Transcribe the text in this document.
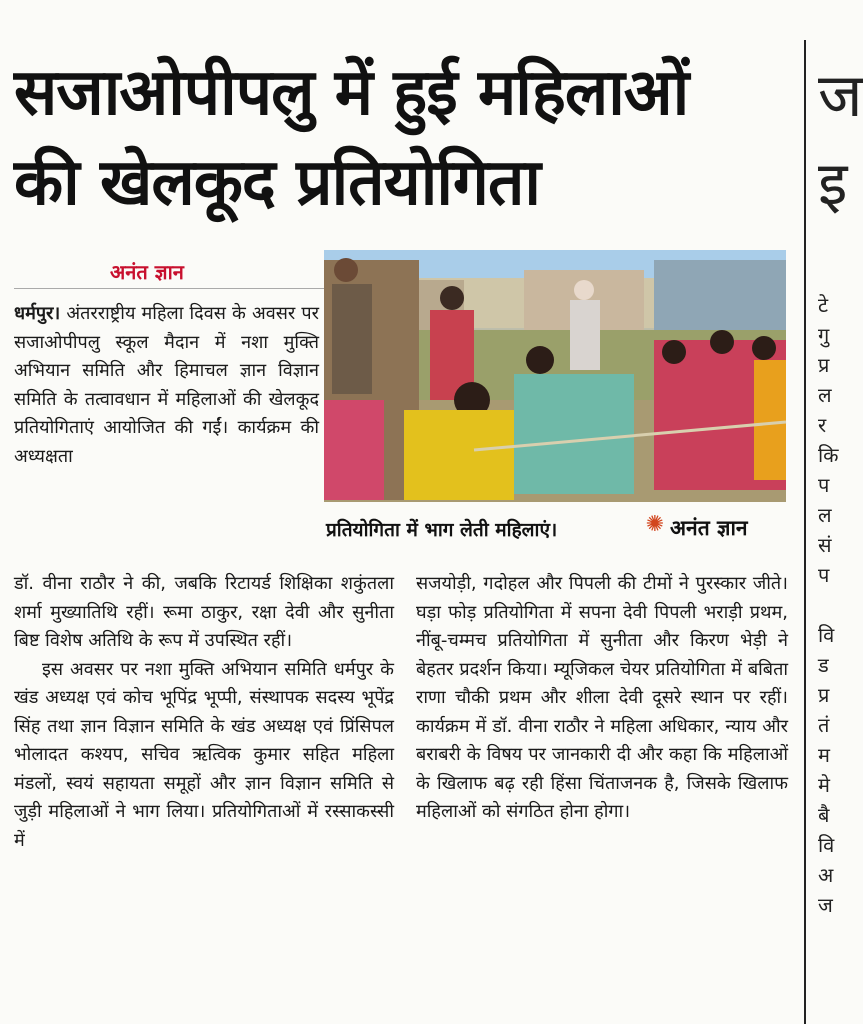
सजाओपीपलु में हुई महिलाओं
की खेलकूद प्रतियोगिता
अनंत ज्ञान
प्रतियोगिता में भाग लेती महिलाएं।	✺ अनंत ज्ञान

धर्मपुर। अंतरराष्ट्रीय महिला दिवस के अवसर पर सजाओपीपलु स्कूल मैदान में नशा मुक्ति अभियान समिति और हिमाचल ज्ञान विज्ञान समिति के तत्वावधान में महिलाओं की खेलकूद प्रतियोगिताएं आयोजित की गईं। कार्यक्रम की अध्यक्षता

डॉ. वीना राठौर ने की, जबकि रिटायर्ड शिक्षिका शकुंतला शर्मा मुख्यातिथि रहीं। रूमा ठाकुर, रक्षा देवी और सुनीता बिष्ट विशेष अतिथि के रूप में उपस्थित रहीं।

इस अवसर पर नशा मुक्ति अभियान समिति धर्मपुर के खंड अध्यक्ष एवं कोच भूपिंद्र भूप्पी, संस्थापक सदस्य भूपेंद्र सिंह तथा ज्ञान विज्ञान समिति के खंड अध्यक्ष एवं प्रिंसिपल भोलादत कश्यप, सचिव ऋत्विक कुमार सहित महिला मंडलों, स्वयं सहायता समूहों और ज्ञान विज्ञान समिति से जुड़ी महिलाओं ने भाग लिया। प्रतियोगिताओं में रस्साकस्सी में

सजयोड़ी, गदोहल और पिपली की टीमों ने पुरस्कार जीते। घड़ा फोड़ प्रतियोगिता में सपना देवी पिपली भराड़ी प्रथम, नींबू-चम्मच प्रतियोगिता में सुनीता और किरण भेड़ी ने बेहतर प्रदर्शन किया। म्यूजिकल चेयर प्रतियोगिता में बबिता राणा चौकी प्रथम और शीला देवी दूसरे स्थान पर रहीं। कार्यक्रम में डॉ. वीना राठौर ने महिला अधिकार, न्याय और बराबरी के विषय पर जानकारी दी और कहा कि महिलाओं के खिलाफ बढ़ रही हिंसा चिंताजनक है, जिसके खिलाफ महिलाओं को संगठित होना होगा।

ज
इ
टे
गु
प्र
ल
र
कि
प
ल
सं
प
वि
ड
प्र
तं
म
मे
बै
वि
अ
ज
